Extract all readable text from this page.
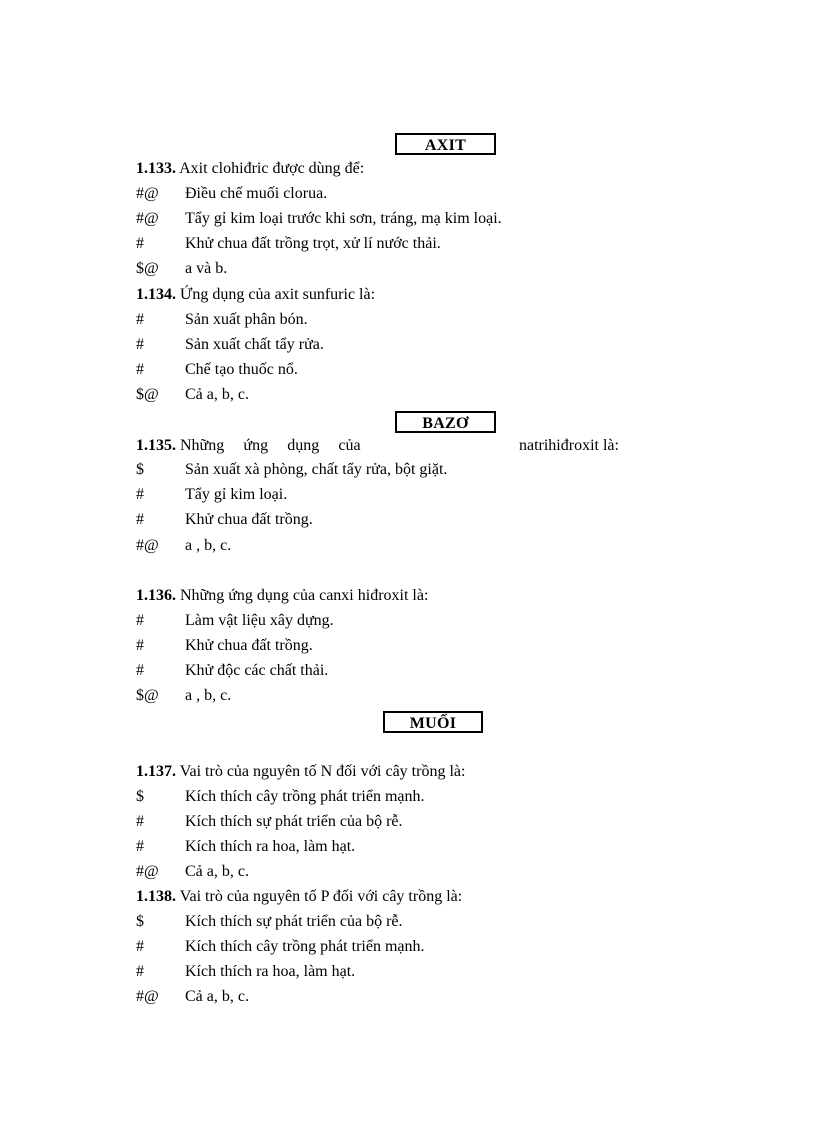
AXIT
1.133. Axit clohiđric được dùng để:
#@ Điều chế muối clorua.
#@ Tẩy gỉ kim loại trước khi sơn, tráng, mạ kim loại.
#	Khử chua đất trồng trọt, xử lí nước thải.
$@ a và b.
1.134. Ứng dụng của axit sunfuric là:
#	Sản xuất phân bón.
#	Sản xuất chất tẩy rửa.
#	Chế tạo thuốc nổ.
$@ Cả a, b, c.
BAZƠ
1.135. Những ứng dụng của	natrihiđroxit là:
$	Sản xuất xà phòng, chất tẩy rửa, bột giặt.
#	Tẩy gỉ kim loại.
#	Khử chua đất trồng.
#@ a , b, c.
1.136. Những ứng dụng của canxi hiđroxit là:
#	Làm vật liệu xây dựng.
#	Khử chua đất trồng.
#	Khử độc các chất thải.
$@ a , b, c.
MUỐI
1.137. Vai trò của nguyên tố N đối với cây trồng là:
$	Kích thích cây trồng phát triển mạnh.
#	Kích thích sự phát triển của bộ rễ.
#	Kích thích ra hoa, làm hạt.
#@ Cả a, b, c.
1.138. Vai trò của nguyên tố P đối với cây trồng là:
$	Kích thích sự phát triển của bộ rễ.
#	Kích thích cây trồng phát triển mạnh.
#	Kích thích ra hoa, làm hạt.
#@ Cả a, b, c.
